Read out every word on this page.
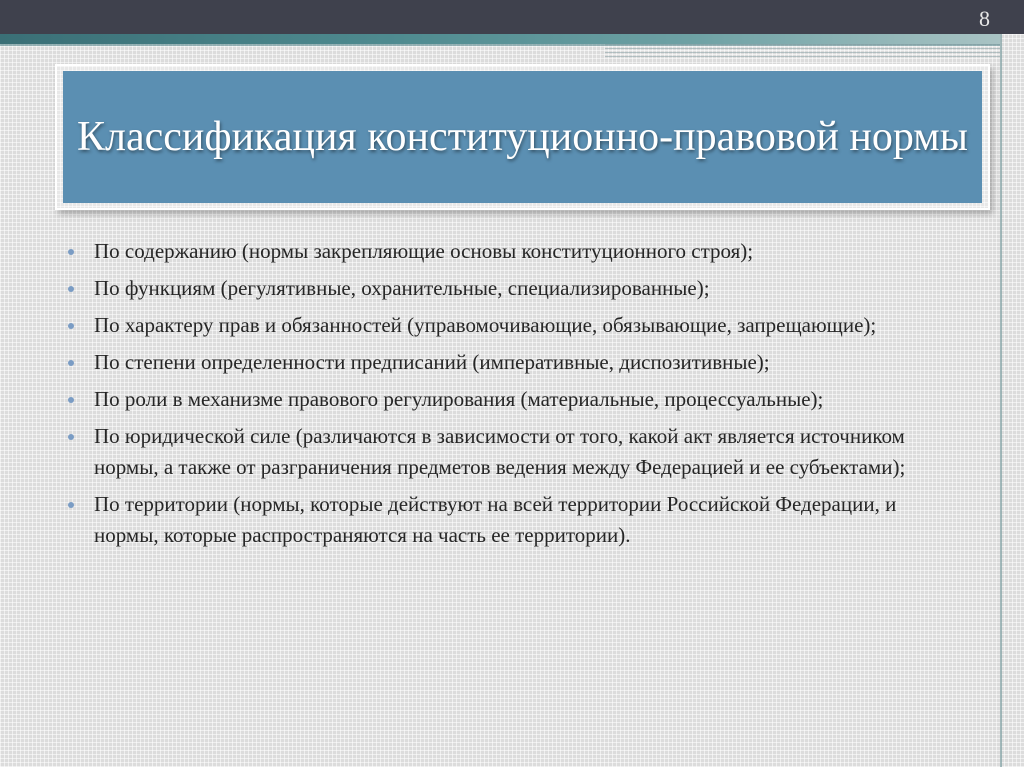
8
Классификация конституционно-правовой нормы
По содержанию (нормы закрепляющие основы конституционного строя);
По функциям (регулятивные, охранительные, специализированные);
По характеру прав и обязанностей (управомочивающие, обязывающие, запрещающие);
По степени определенности предписаний (императивные, диспозитивные);
По роли в механизме правового регулирования (материальные, процессуальные);
По юридической силе (различаются в зависимости от того, какой акт является источником нормы, а также от разграничения предметов ведения между Федерацией и ее субъектами);
По территории (нормы, которые действуют на всей территории Российской Федерации, и нормы, которые распространяются на часть ее территории).
